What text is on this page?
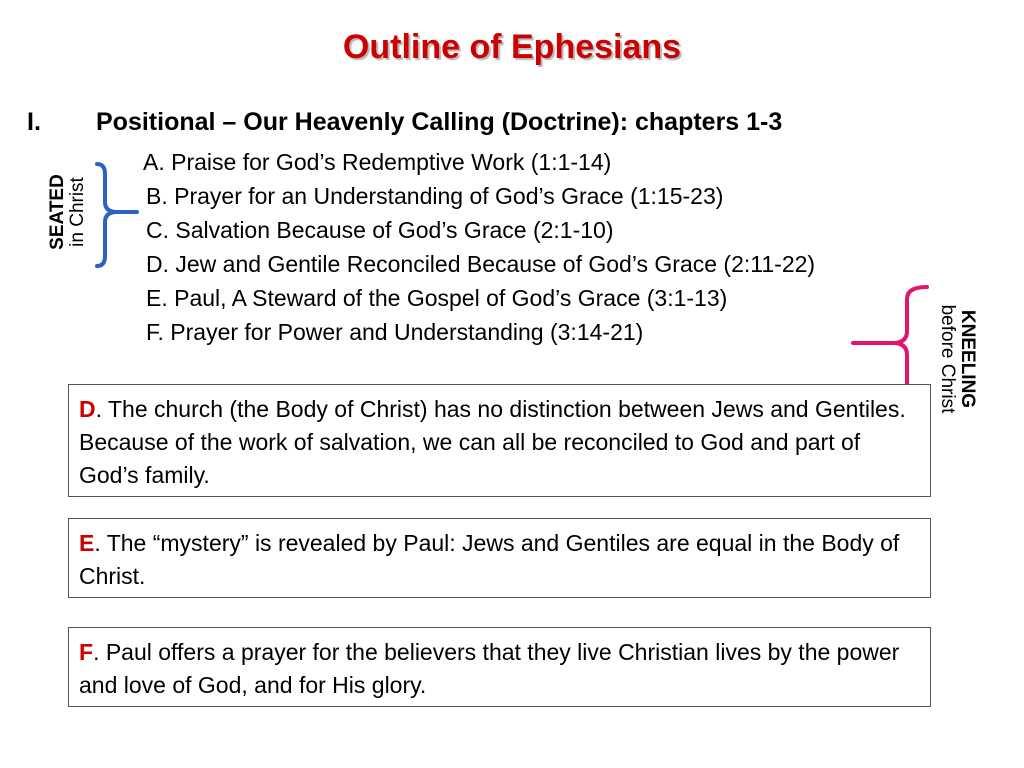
Outline of Ephesians
I. Positional – Our Heavenly Calling (Doctrine): chapters 1-3
A. Praise for God’s Redemptive Work (1:1-14)
B. Prayer for an Understanding of God’s Grace (1:15-23)
C. Salvation Because of God’s Grace (2:1-10)
D. Jew and Gentile Reconciled Because of God’s Grace (2:11-22)
E. Paul, A Steward of the Gospel of God’s Grace (3:1-13)
F. Prayer for Power and Understanding (3:14-21)
SEATED in Christ
KNEELING
before Christ
D. The church (the Body of Christ) has no distinction between Jews and Gentiles. Because of the work of salvation, we can all be reconciled to God and part of God’s family.
E. The “mystery” is revealed by Paul: Jews and Gentiles are equal in the Body of Christ.
F. Paul offers a prayer for the believers that they live Christian lives by the power and love of God, and for His glory.
